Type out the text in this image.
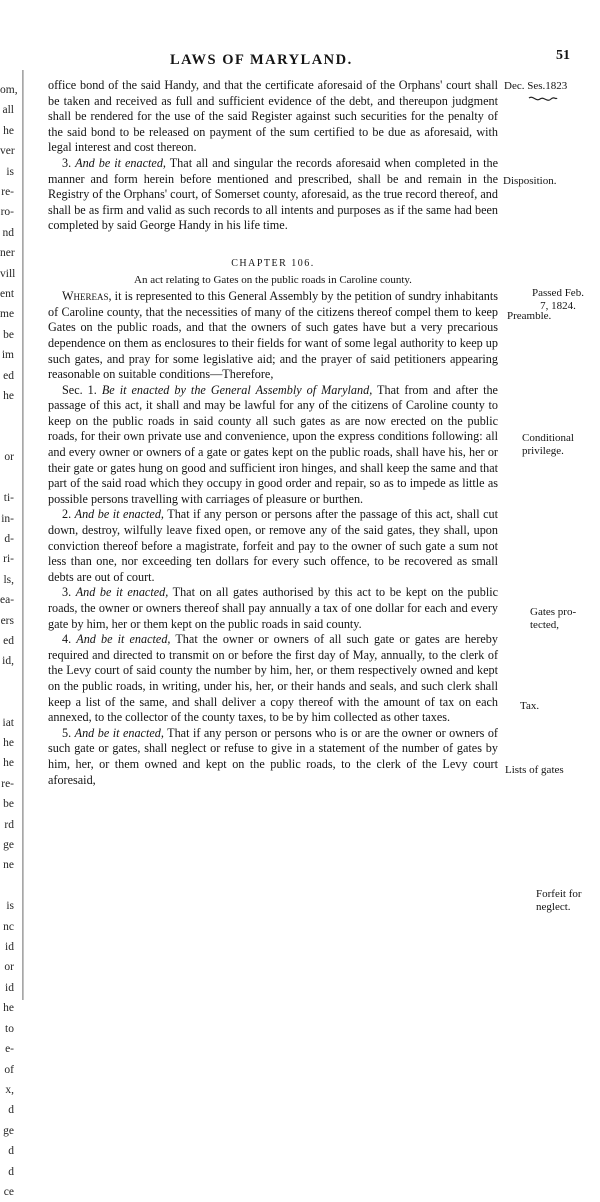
om,
all
he
ver
is
re-
ro-
nd
ner
vill
ent
me
be
im
ed
he

or

ti-
in-
d-
ri-
ls,
ea-
ers
ed
id,

iat
he
he
re-
be
rd
ge
ne

is
nc
id
or
id
he
to
e-
of
x,
d
ge
d
d
ce
LAWS OF MARYLAND.	51

office bond of the said Handy, and that the certificate aforesaid of the Orphans' court shall be taken and received as full and sufficient evidence of the debt, and thereupon judgment shall be rendered for the use of the said Register against such securities for the penalty of the said bond to be released on payment of the sum certified to be due as aforesaid, with legal interest and cost thereon.

3. And be it enacted, That all and singular the records aforesaid when completed in the manner and form herein before mentioned and prescribed, shall be and remain in the Registry of the Orphans' court, of Somerset county, aforesaid, as the true record thereof, and shall be as firm and valid as such records to all intents and purposes as if the same had been completed by said George Handy in his life time.

CHAPTER 106.
An act relating to Gates on the public roads in Caroline county.

Whereas, it is represented to this General Assembly by the petition of sundry inhabitants of Caroline county, that the necessities of many of the citizens thereof compel them to keep Gates on the public roads, and that the owners of such gates have but a very precarious dependence on them as enclosures to their fields for want of some legal authority to keep up such gates, and pray for some legislative aid; and the prayer of said petitioners appearing reasonable on suitable conditions—Therefore,

Sec. 1. Be it enacted by the General Assembly of Maryland, That from and after the passage of this act, it shall and may be lawful for any of the citizens of Caroline county to keep on the public roads in said county all such gates as are now erected on the public roads, for their own private use and convenience, upon the express conditions following: all and every owner or owners of a gate or gates kept on the public roads, shall have his, her or their gate or gates hung on good and sufficient iron hinges, and shall keep the same and that part of the said road which they occupy in good order and repair, so as to impede as little as possible persons travelling with carriages of pleasure or burthen.

2. And be it enacted, That if any person or persons after the passage of this act, shall cut down, destroy, wilfully leave fixed open, or remove any of the said gates, they shall, upon conviction thereof before a magistrate, forfeit and pay to the owner of such gate a sum not less than one, nor exceeding ten dollars for every such offence, to be recovered as small debts are out of court.

3. And be it enacted, That on all gates authorised by this act to be kept on the public roads, the owner or owners thereof shall pay annually a tax of one dollar for each and every gate by him, her or them kept on the public roads in said county.

4. And be it enacted, That the owner or owners of all such gate or gates are hereby required and directed to transmit on or before the first day of May, annually, to the clerk of the Levy court of said county the number by him, her, or them respectively owned and kept on the public roads, in writing, under his, her, or their hands and seals, and such clerk shall keep a list of the same, and shall deliver a copy thereof with the amount of tax on each annexed, to the collector of the county taxes, to be by him collected as other taxes.

5. And be it enacted, That if any person or persons who is or are the owner or owners of such gate or gates, shall neglect or refuse to give in a statement of the number of gates by him, her, or them owned and kept on the public roads, to the clerk of the Levy court aforesaid,

Dec. Ses.1823
Disposition.
Passed Feb.
7, 1824.
Preamble.
Conditional
privilege.
Gates pro-
tected,
Tax.
Lists of gates
Forfeit for
neglect.
